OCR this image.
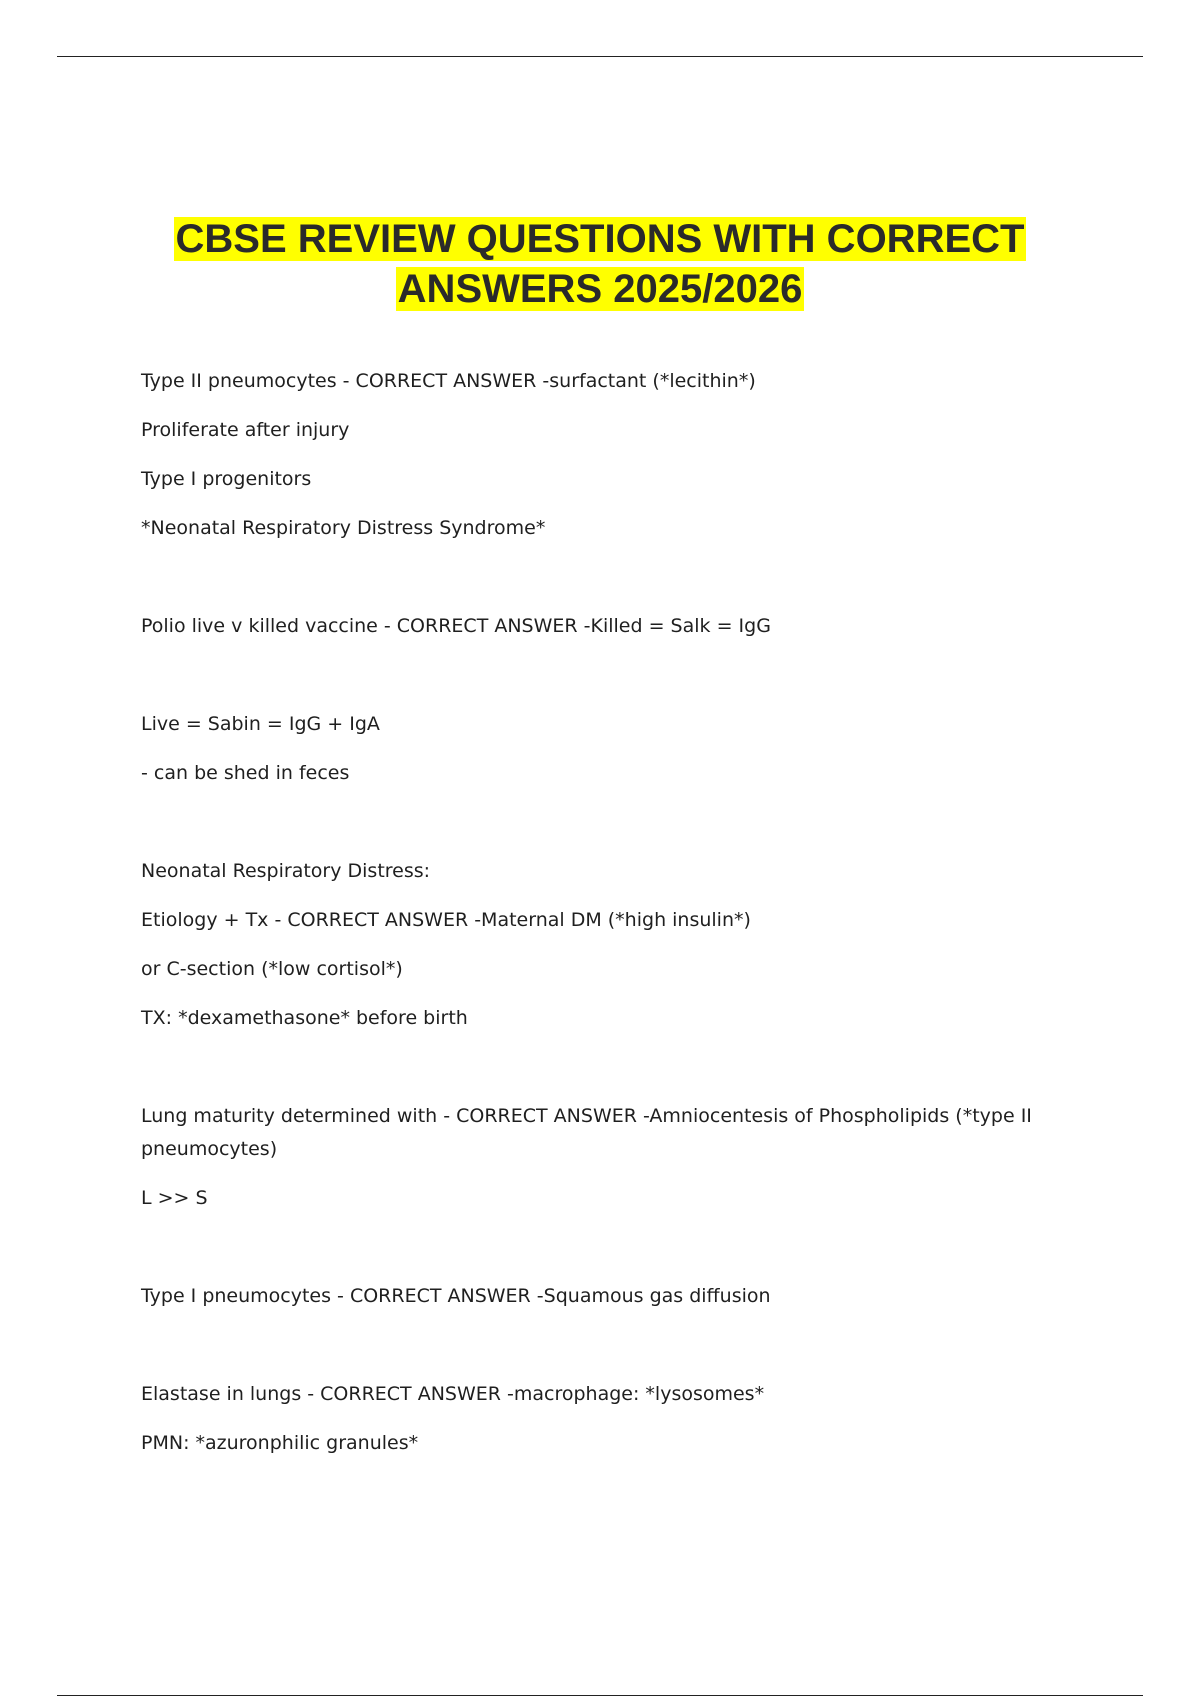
CBSE REVIEW QUESTIONS WITH CORRECT
ANSWERS 2025/2026

Type II pneumocytes - CORRECT ANSWER -surfactant (*lecithin*)

Proliferate after injury

Type I progenitors

*Neonatal Respiratory Distress Syndrome*

Polio live v killed vaccine - CORRECT ANSWER -Killed = Salk = IgG

Live = Sabin = IgG + IgA

- can be shed in feces

Neonatal Respiratory Distress:

Etiology + Tx - CORRECT ANSWER -Maternal DM (*high insulin*)

or C-section (*low cortisol*)

TX: *dexamethasone* before birth

Lung maturity determined with - CORRECT ANSWER -Amniocentesis of Phospholipids (*type II pneumocytes)

L >> S

Type I pneumocytes - CORRECT ANSWER -Squamous gas diffusion

Elastase in lungs - CORRECT ANSWER -macrophage: *lysosomes*

PMN: *azuronphilic granules*
